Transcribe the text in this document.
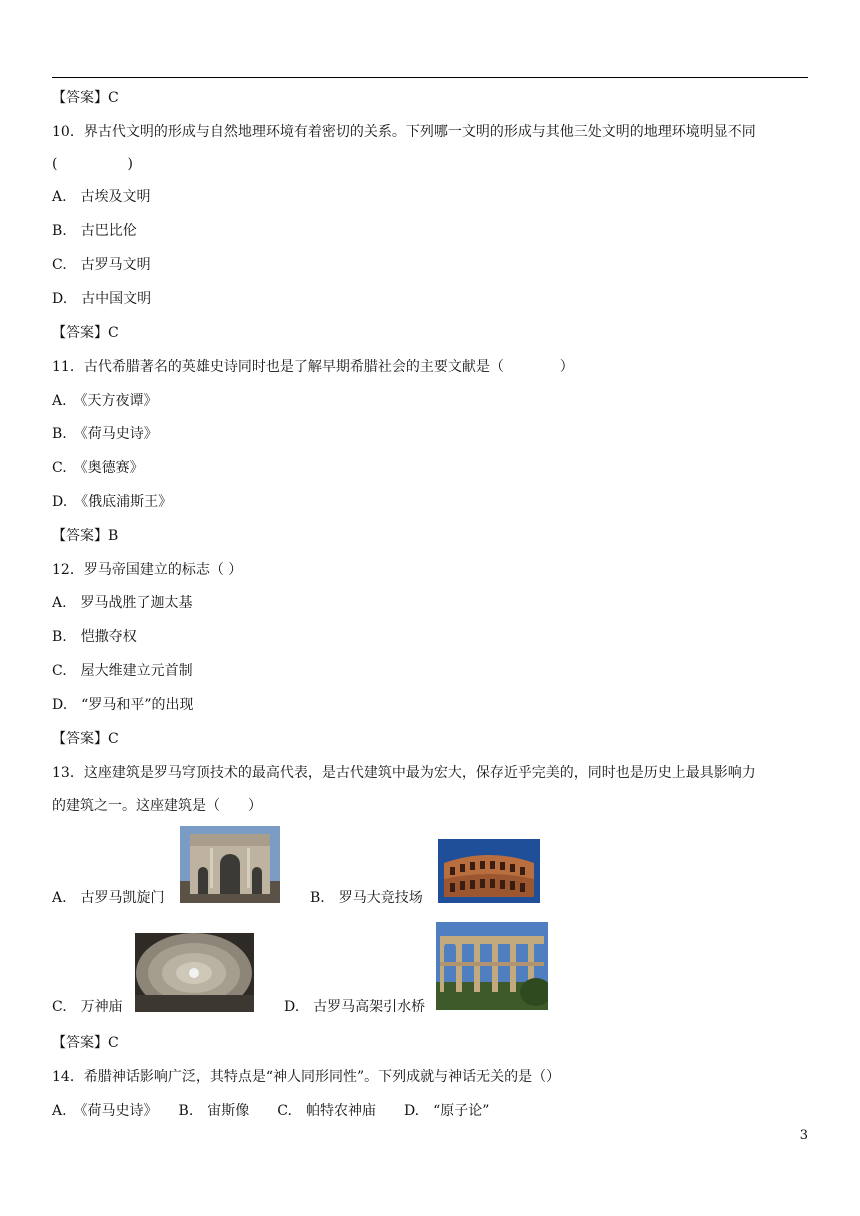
【答案】C
10．界古代文明的形成与自然地理环境有着密切的关系。下列哪一文明的形成与其他三处文明的地理环境明显不同
(　　　　　)
A.　古埃及文明
B.　古巴比伦
C.　古罗马文明
D.　古中国文明
【答案】C
11．古代希腊著名的英雄史诗同时也是了解早期希腊社会的主要文献是（　　　　）
A.　《天方夜谭》
B.　《荷马史诗》
C.　《奥德赛》
D.　《俄底浦斯王》
【答案】B
12．罗马帝国建立的标志（ ）
A.　罗马战胜了迦太基
B.　恺撒夺权
C.　屋大维建立元首制
D.　“罗马和平”的出现
【答案】C
13．这座建筑是罗马穹顶技术的最高代表，是古代建筑中最为宏大，保存近乎完美的，同时也是历史上最具影响力
的建筑之一。这座建筑是（　　）
A.　古罗马凯旋门	B.　罗马大竞技场
C.　万神庙	D.　古罗马高架引水桥
【答案】C
14．希腊神话影响广泛，其特点是“神人同形同性”。下列成就与神话无关的是（）
A.　《荷马史诗》　　B.　宙斯像　　C.　帕特农神庙　　D.　“原子论”
3
